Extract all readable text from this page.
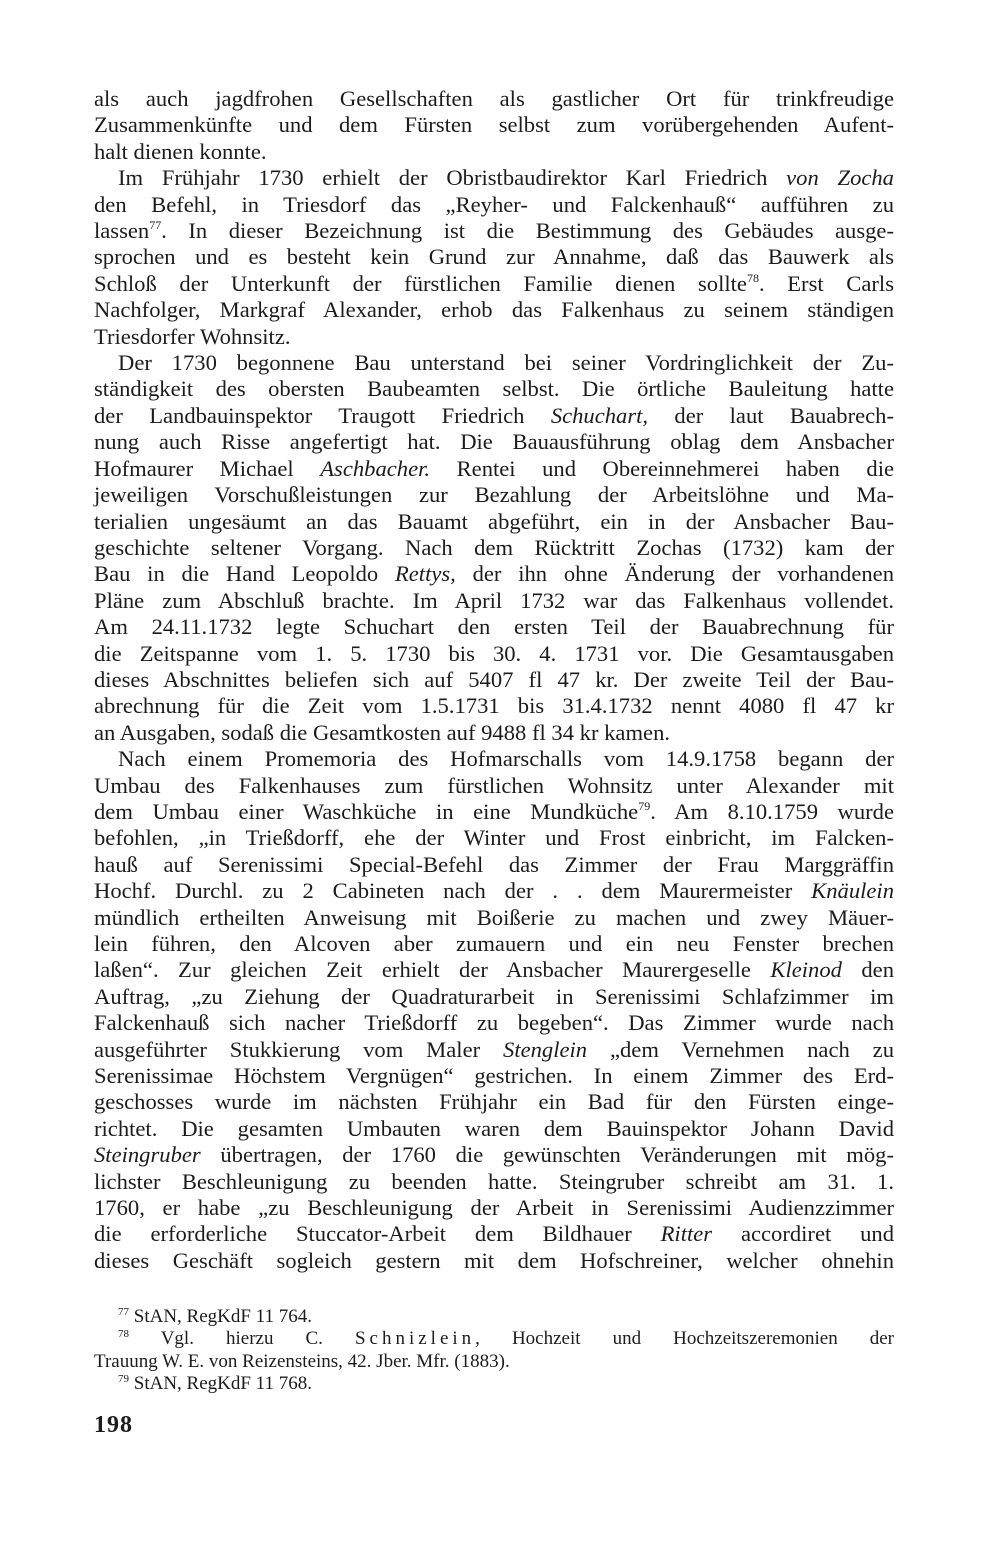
als auch jagdfrohen Gesellschaften als gastlicher Ort für trinkfreudige
Zusammenkünfte und dem Fürsten selbst zum vorübergehenden Aufent-
halt dienen konnte.
Im Frühjahr 1730 erhielt der Obristbaudirektor Karl Friedrich von Zocha
den Befehl, in Triesdorf das „Reyher- und Falckenhauß“ aufführen zu
lassen$^{77}$. In dieser Bezeichnung ist die Bestimmung des Gebäudes ausge-
sprochen und es besteht kein Grund zur Annahme, daß das Bauwerk als
Schloß der Unterkunft der fürstlichen Familie dienen sollte$^{78}$. Erst Carls
Nachfolger, Markgraf Alexander, erhob das Falkenhaus zu seinem ständigen
Triesdorfer Wohnsitz.
Der 1730 begonnene Bau unterstand bei seiner Vordringlichkeit der Zu-
ständigkeit des obersten Baubeamten selbst. Die örtliche Bauleitung hatte
der Landbauinspektor Traugott Friedrich Schuchart, der laut Bauabrech-
nung auch Risse angefertigt hat. Die Bauausführung oblag dem Ansbacher
Hofmaurer Michael Aschbacher. Rentei und Obereinnehmerei haben die
jeweiligen Vorschußleistungen zur Bezahlung der Arbeitslöhne und Ma-
terialien ungesäumt an das Bauamt abgeführt, ein in der Ansbacher Bau-
geschichte seltener Vorgang. Nach dem Rücktritt Zochas (1732) kam der
Bau in die Hand Leopoldo Rettys, der ihn ohne Änderung der vorhandenen
Pläne zum Abschluß brachte. Im April 1732 war das Falkenhaus vollendet.
Am 24.11.1732 legte Schuchart den ersten Teil der Bauabrechnung für
die Zeitspanne vom 1. 5. 1730 bis 30. 4. 1731 vor. Die Gesamtausgaben
dieses Abschnittes beliefen sich auf 5407 fl 47 kr. Der zweite Teil der Bau-
abrechnung für die Zeit vom 1.5.1731 bis 31.4.1732 nennt 4080 fl 47 kr
an Ausgaben, sodaß die Gesamtkosten auf 9488 fl 34 kr kamen.
Nach einem Promemoria des Hofmarschalls vom 14.9.1758 begann der
Umbau des Falkenhauses zum fürstlichen Wohnsitz unter Alexander mit
dem Umbau einer Waschküche in eine Mundküche$^{79}$. Am 8.10.1759 wurde
befohlen, „in Trießdorff, ehe der Winter und Frost einbricht, im Falcken-
hauß auf Serenissimi Special-Befehl das Zimmer der Frau Marggräffin
Hochf. Durchl. zu 2 Cabineten nach der . . dem Maurermeister Knäulein
mündlich ertheilten Anweisung mit Boißerie zu machen und zwey Mäuer-
lein führen, den Alcoven aber zumauern und ein neu Fenster brechen
laßen“. Zur gleichen Zeit erhielt der Ansbacher Maurergeselle Kleinod den
Auftrag, „zu Ziehung der Quadraturarbeit in Serenissimi Schlafzimmer im
Falckenhauß sich nacher Trießdorff zu begeben“. Das Zimmer wurde nach
ausgeführter Stukkierung vom Maler Stenglein „dem Vernehmen nach zu
Serenissimae Höchstem Vergnügen“ gestrichen. In einem Zimmer des Erd-
geschosses wurde im nächsten Frühjahr ein Bad für den Fürsten einge-
richtet. Die gesamten Umbauten waren dem Bauinspektor Johann David
Steingruber übertragen, der 1760 die gewünschten Veränderungen mit mög-
lichster Beschleunigung zu beenden hatte. Steingruber schreibt am 31. 1.
1760, er habe „zu Beschleunigung der Arbeit in Serenissimi Audienzzimmer
die erforderliche Stuccator-Arbeit dem Bildhauer Ritter accordiret und
dieses Geschäft sogleich gestern mit dem Hofschreiner, welcher ohnehin
$^{77}$ StAN, RegKdF 11 764.
$^{78}$ Vgl. hierzu C. Schnizlein, Hochzeit und Hochzeitszeremonien der
Trauung W. E. von Reizensteins, 42. Jber. Mfr. (1883).
$^{79}$ StAN, RegKdF 11 768.
198
